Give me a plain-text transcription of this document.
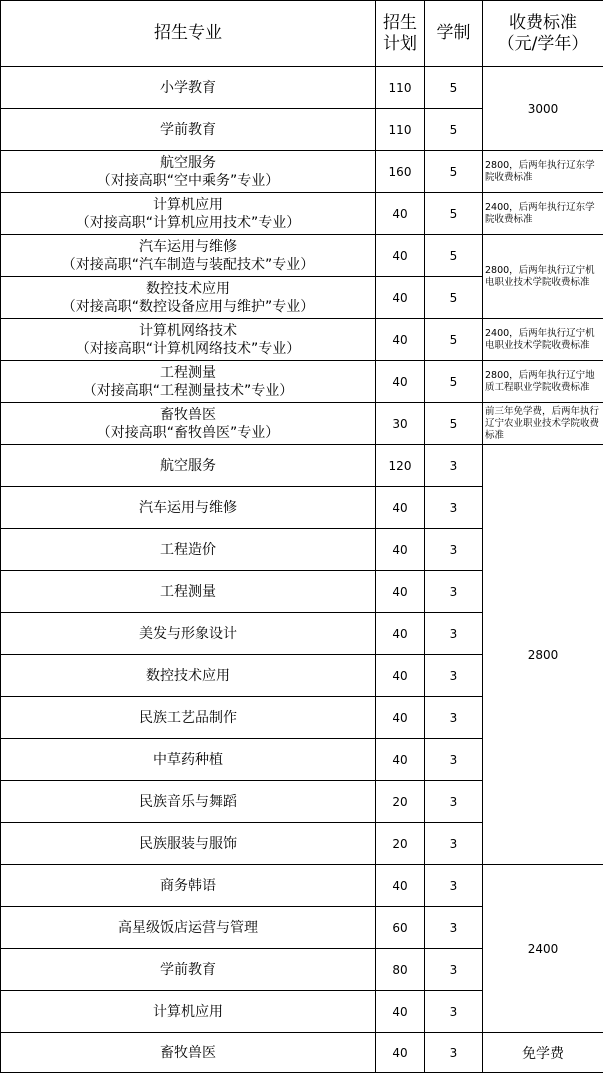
招生专业	招生计划	学制	收费标准（元/学年）

小学教育	110	5	3000

学前教育	110	5	

航空服务
（对接高职“空中乘务”专业）	160	5	2800，后两年执行辽东学院收费标准

计算机应用
（对接高职“计算机应用技术”专业）	40	5	2400，后两年执行辽东学院收费标准

汽车运用与维修
（对接高职“汽车制造与装配技术”专业）	40	5	2800，后两年执行辽宁机电职业技术学院收费标准

数控技术应用
（对接高职“数控设备应用与维护”专业）	40	5	

计算机网络技术
（对接高职“计算机网络技术”专业）	40	5	2400，后两年执行辽宁机电职业技术学院收费标准

工程测量
（对接高职“工程测量技术”专业）	40	5	2800，后两年执行辽宁地质工程职业学院收费标准

畜牧兽医
（对接高职“畜牧兽医”专业）	30	5	前三年免学费，后两年执行辽宁农业职业技术学院收费标准

航空服务	120	3	2800

汽车运用与维修	40	3	

工程造价	40	3	

工程测量	40	3	

美发与形象设计	40	3	

数控技术应用	40	3	

民族工艺品制作	40	3	

中草药种植	40	3	

民族音乐与舞蹈	20	3	

民族服装与服饰	20	3	

商务韩语	40	3	2400

高星级饭店运营与管理	60	3	

学前教育	80	3	

计算机应用	40	3	

畜牧兽医	40	3	免学费
